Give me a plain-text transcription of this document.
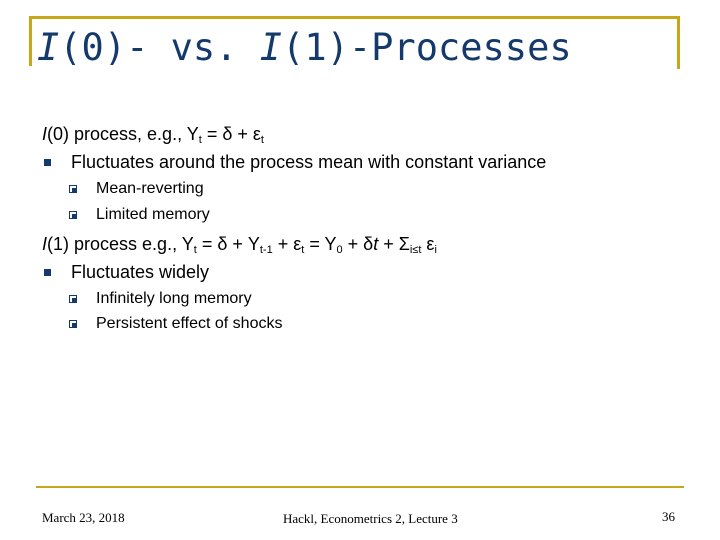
I(0)- vs. I(1)-Processes
I(0) process, e.g., $Y_t = \delta + \varepsilon_t$
Fluctuates around the process mean with constant variance
Mean-reverting
Limited memory
I(1) process e.g., $Y_t = \delta + Y_{t-1} + \varepsilon_t = Y_0 + \delta t + \Sigma_{i\le t}$ $\varepsilon_i$
Fluctuates widely
Infinitely long memory
Persistent effect of shocks
March 23, 2018	Hackl, Econometrics 2, Lecture 3	36
